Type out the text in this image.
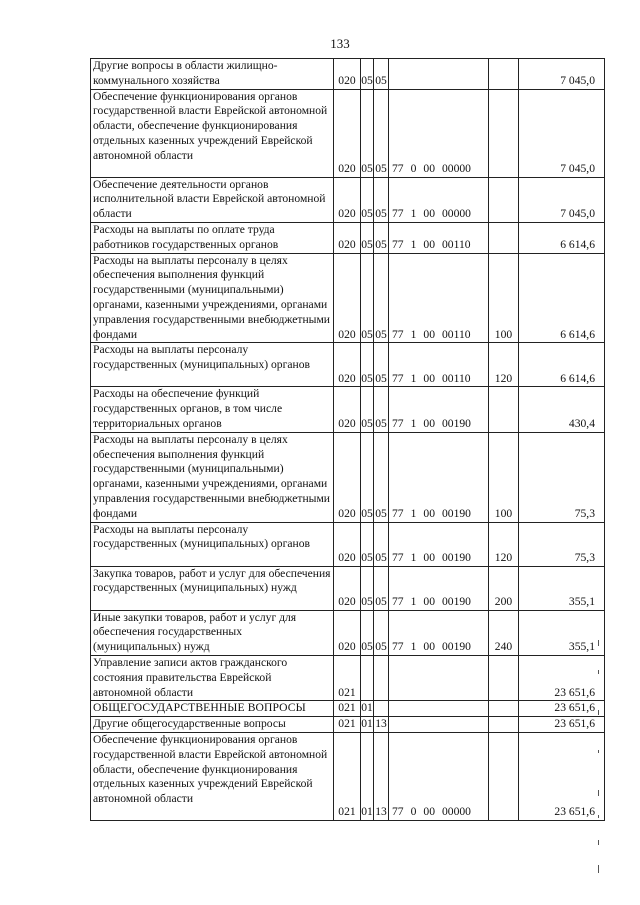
133
Другие вопросы в области жилищно-коммунального хозяйства	020	05	05			7 045,0
Обеспечение функционирования органов государственной власти Еврейской автономной области, обеспечение функционирования отдельных казенных учреждений Еврейской автономной области	020	05	05	77 0 00 00000		7 045,0
Обеспечение деятельности органов исполнительной власти Еврейской автономной области	020	05	05	77 1 00 00000		7 045,0
Расходы на выплаты по оплате труда работников государственных органов	020	05	05	77 1 00 00110		6 614,6
Расходы на выплаты персоналу в целях обеспечения выполнения функций государственными (муниципальными) органами, казенными учреждениями, органами управления государственными внебюджетными фондами	020	05	05	77 1 00 00110	100	6 614,6
Расходы на выплаты персоналу государственных (муниципальных) органов	020	05	05	77 1 00 00110	120	6 614,6
Расходы на обеспечение функций государственных органов, в том числе территориальных органов	020	05	05	77 1 00 00190		430,4
Расходы на выплаты персоналу в целях обеспечения выполнения функций государственными (муниципальными) органами, казенными учреждениями, органами управления государственными внебюджетными фондами	020	05	05	77 1 00 00190	100	75,3
Расходы на выплаты персоналу государственных (муниципальных) органов	020	05	05	77 1 00 00190	120	75,3
Закупка товаров, работ и услуг для обеспечения государственных (муниципальных) нужд	020	05	05	77 1 00 00190	200	355,1
Иные закупки товаров, работ и услуг для обеспечения государственных (муниципальных) нужд	020	05	05	77 1 00 00190	240	355,1
Управление записи актов гражданского состояния правительства Еврейской автономной области	021					23 651,6
ОБЩЕГОСУДАРСТВЕННЫЕ ВОПРОСЫ	021	01				23 651,6
Другие общегосударственные вопросы	021	01	13			23 651,6
Обеспечение функционирования органов государственной власти Еврейской автономной области, обеспечение функционирования отдельных казенных учреждений Еврейской автономной области	021	01	13	77 0 00 00000		23 651,6
